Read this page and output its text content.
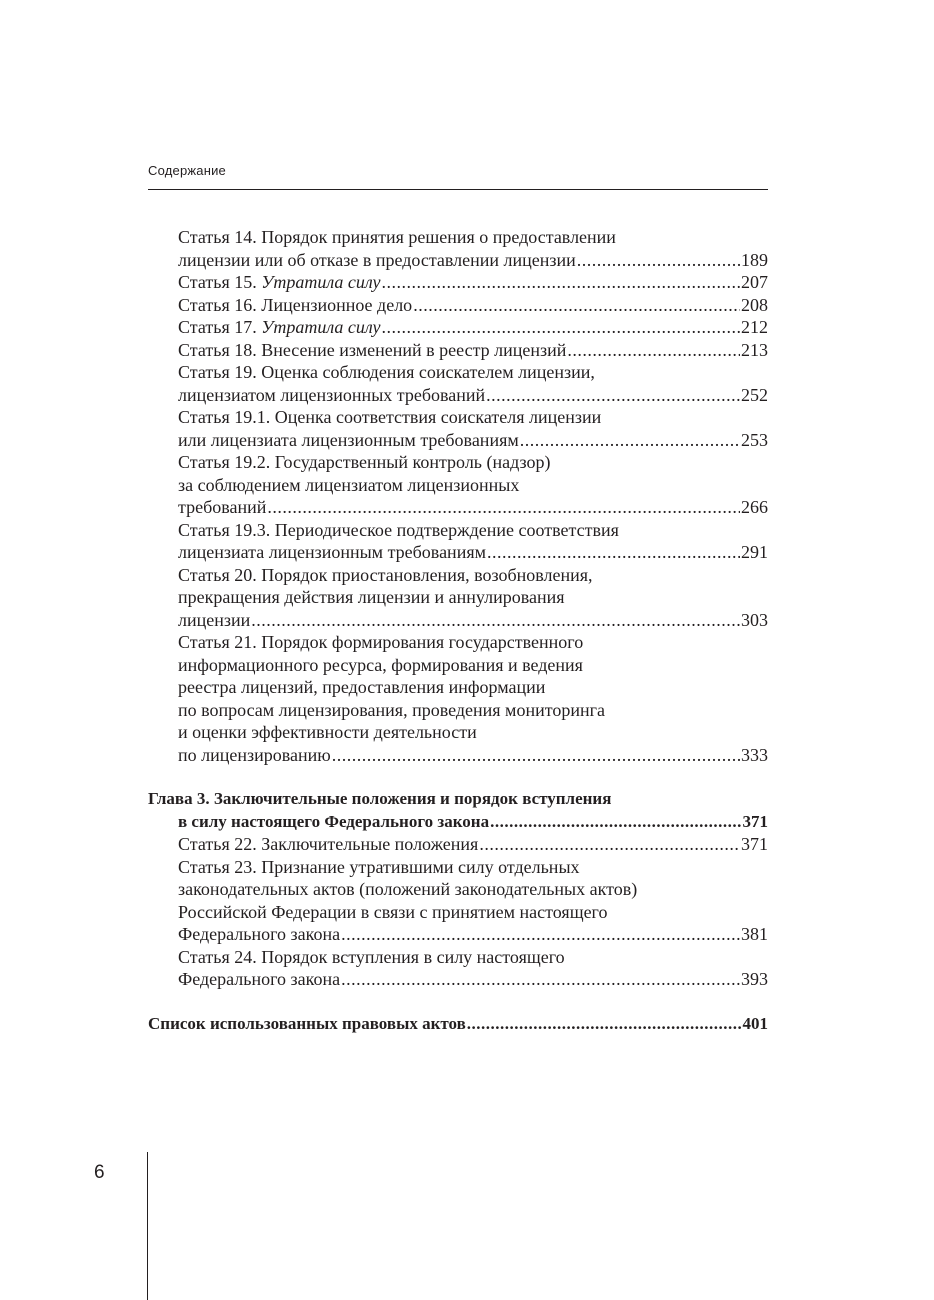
Содержание
Статья 14. Порядок принятия решения о предоставлении
лицензии или об отказе в предоставлении лицензии .....	189
Статья 15. Утратила силу .....	207
Статья 16. Лицензионное дело .....	208
Статья 17. Утратила силу .....	212
Статья 18. Внесение изменений в реестр лицензий .....	213
Статья 19. Оценка соблюдения соискателем лицензии,
лицензиатом лицензионных требований .....	252
Статья 19.1. Оценка соответствия соискателя лицензии
или лицензиата лицензионным требованиям .....	253
Статья 19.2. Государственный контроль (надзор)
за соблюдением лицензиатом лицензионных
требований .....	266
Статья 19.3. Периодическое подтверждение соответствия
лицензиата лицензионным требованиям .....	291
Статья 20. Порядок приостановления, возобновления,
прекращения действия лицензии и аннулирования
лицензии .....	303
Статья 21. Порядок формирования государственного
информационного ресурса, формирования и ведения
реестра лицензий, предоставления информации
по вопросам лицензирования, проведения мониторинга
и оценки эффективности деятельности
по лицензированию .....	333
Глава 3. Заключительные положения и порядок вступления
в силу настоящего Федерального закона .....	371
Статья 22. Заключительные положения .....	371
Статья 23. Признание утратившими силу отдельных
законодательных актов (положений законодательных актов)
Российской Федерации в связи с принятием настоящего
Федерального закона .....	381
Статья 24. Порядок вступления в силу настоящего
Федерального закона .....	393
Список использованных правовых актов .....	401
6
